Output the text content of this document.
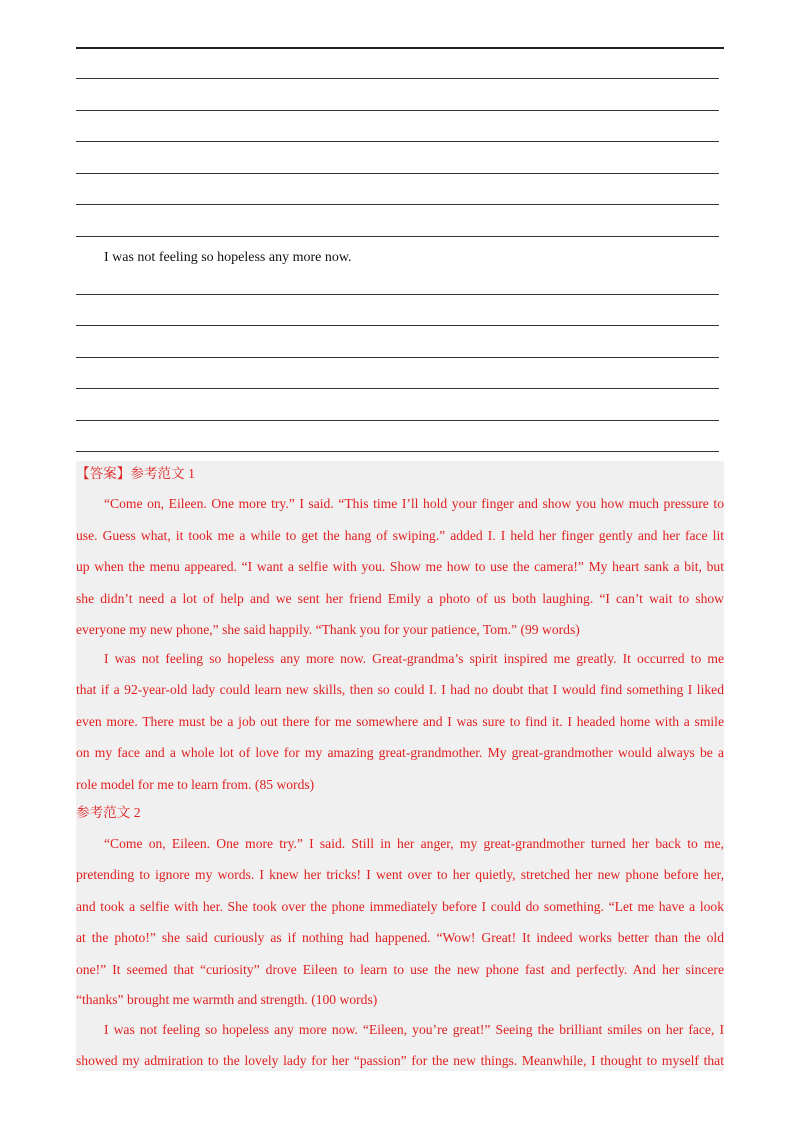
I was not feeling so hopeless any more now.
【答案】参考范文 1
“Come on, Eileen. One more try.” I said. “This time I’ll hold your finger and show you how much pressure to
use. Guess what, it took me a while to get the hang of swiping.” added I. I held her finger gently and her face lit
up when the menu appeared. “I want a selfie with you. Show me how to use the camera!” My heart sank a bit, but
she didn’t need a lot of help and we sent her friend Emily a photo of us both laughing. “I can’t wait to show
everyone my new phone,” she said happily. “Thank you for your patience, Tom.” (99 words)
I was not feeling so hopeless any more now. Great-grandma’s spirit inspired me greatly. It occurred to me
that if a 92-year-old lady could learn new skills, then so could I. I had no doubt that I would find something I liked
even more. There must be a job out there for me somewhere and I was sure to find it. I headed home with a smile
on my face and a whole lot of love for my amazing great-grandmother. My great-grandmother would always be a
role model for me to learn from. (85 words)
参考范文 2
“Come on, Eileen. One more try.” I said. Still in her anger, my great-grandmother turned her back to me,
pretending to ignore my words. I knew her tricks! I went over to her quietly, stretched her new phone before her,
and took a selfie with her. She took over the phone immediately before I could do something. “Let me have a look
at the photo!” she said curiously as if nothing had happened. “Wow! Great! It indeed works better than the old
one!” It seemed that “curiosity” drove Eileen to learn to use the new phone fast and perfectly. And her sincere
“thanks” brought me warmth and strength. (100 words)
I was not feeling so hopeless any more now. “Eileen, you’re great!” Seeing the brilliant smiles on her face, I
showed my admiration to the lovely lady for her “passion” for the new things. Meanwhile, I thought to myself that
